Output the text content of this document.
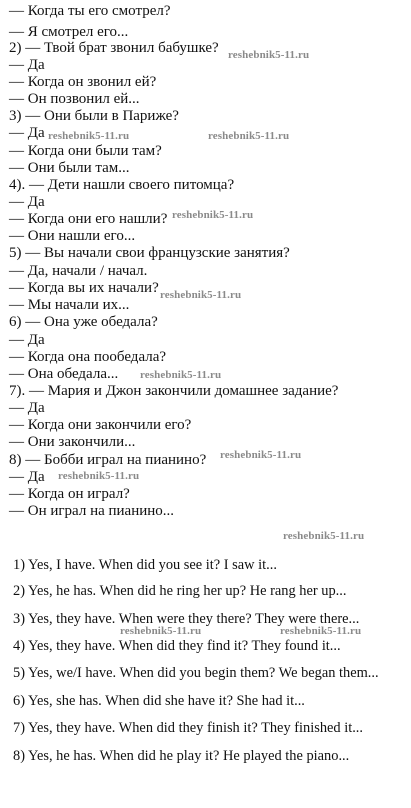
— Когда ты его смотрел?
— Я смотрел его...
2) — Твой брат звонил бабушке?
— Да
— Когда он звонил ей?
— Он позвонил ей...
3) — Они были в Париже?
— Да
— Когда они были там?
— Они были там...
4). — Дети нашли своего питомца?
— Да
— Когда они его нашли?
— Они нашли его...
5) — Вы начали свои французские занятия?
— Да, начали / начал.
— Когда вы их начали?
— Мы начали их...
6) — Она уже обедала?
— Да
— Когда она пообедала?
— Она обедала...
7). — Мария и Джон закончили домашнее задание?
— Да
— Когда они закончили его?
— Они закончили...
8) — Бобби играл на пианино?
— Да
— Когда он играл?
— Он играл на пианино...
1) Yes, I have. When did you see it? I saw it...
2) Yes, he has. When did he ring her up? He rang her up...
3) Yes, they have. When were they there? They were there...
4) Yes, they have. When did they find it? They found it...
5) Yes, we/I have. When did you begin them? We began them...
6) Yes, she has. When did she have it? She had it...
7) Yes, they have. When did they finish it? They finished it...
8) Yes, he has. When did he play it? He played the piano...
reshebnik5-11.ru
reshebnik5-11.ru	reshebnik5-11.ru
reshebnik5-11.ru
reshebnik5-11.ru
reshebnik5-11.ru
reshebnik5-11.ru
reshebnik5-11.ru
reshebnik5-11.ru
reshebnik5-11.ru	reshebnik5-11.ru
